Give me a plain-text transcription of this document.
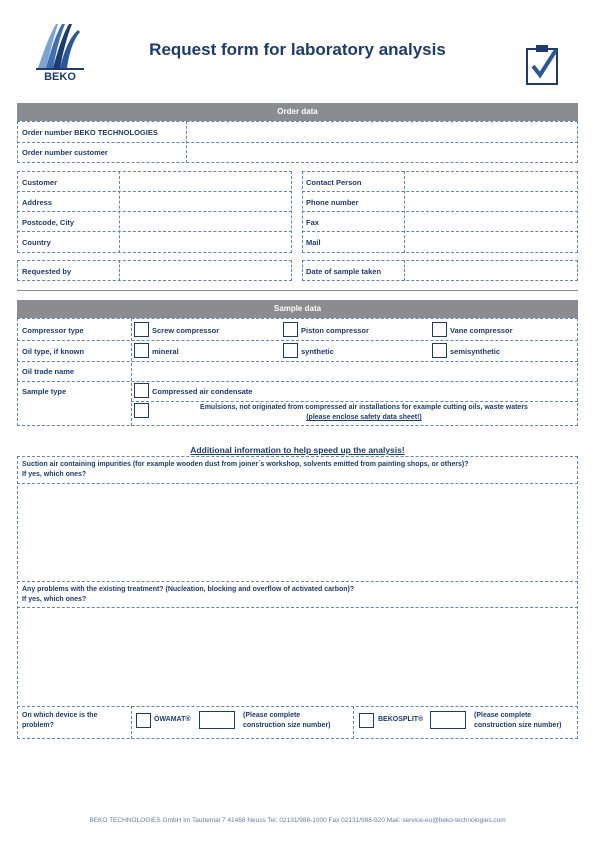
BEKO
Request form for laboratory analysis
Order data
Order number BEKO TECHNOLOGIES
Order number customer
Customer
Address
Postcode, City
Country
Contact Person
Phone number
Fax
Mail
Requested by	Date of sample taken
Sample data
Compressor type	Screw compressor	Piston compressor	Vane compressor
Oil type, if known	mineral	synthetic	semisynthetic
Oil trade name
Sample type	Compressed air condensate
Emulsions, not originated from compressed air installations for example cutting oils, waste waters
(please enclose safety data sheet!)
Additional information to help speed up the analysis!
Suction air containing impurities (for example wooden dust from joiner´s workshop, solvents emitted from painting shops, or others)?
If yes, which ones?
Any problems with the existing treatment? (Nucleation, blocking and overflow of activated carbon)?
If yes, which ones?
On which device is the
problem?
ÖWAMAT®
(Please complete
construction size number)
BEKOSPLIT®
(Please complete
construction size number)
BEKO TECHNOLOGIES GmbH Im Taubental 7 41468 Neuss Tel. 02131/988-1000 Fax 02131/988-920 Mail: service-eu@beko-technologies.com
